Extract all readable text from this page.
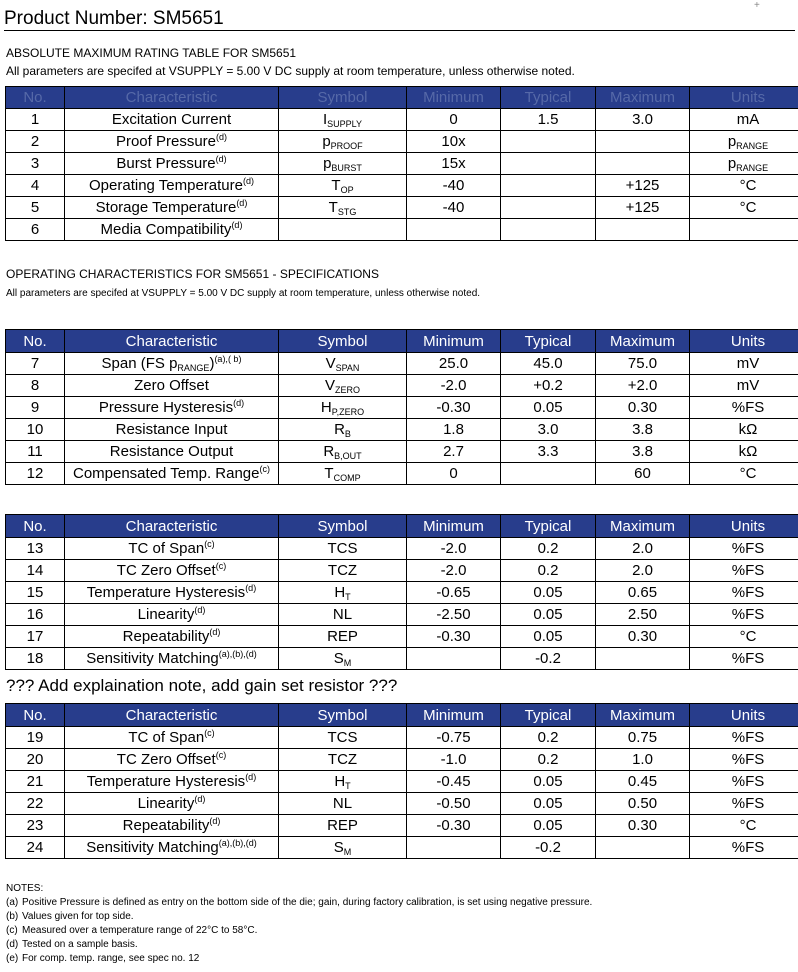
+
Product Number: SM5651
ABSOLUTE MAXIMUM RATING TABLE FOR SM5651
All parameters are specifed at VSUPPLY = 5.00 V DC supply at room temperature, unless otherwise noted.
No.	Characteristic	Symbol	Minimum	Typical	Maximum	Units
1	Excitation Current	$I_{SUPPLY}$	0	1.5	3.0	mA
2	Proof Pressure$^{(d)}$	$p_{PROOF}$	10x			$p_{RANGE}$
3	Burst Pressure$^{(d)}$	$p_{BURST}$	15x			$p_{RANGE}$
4	Operating Temperature$^{(d)}$	$T_{OP}$	-40		+125	°C
5	Storage Temperature$^{(d)}$	$T_{STG}$	-40		+125	°C
6	Media Compatibility$^{(d)}$					
OPERATING CHARACTERISTICS FOR SM5651 - SPECIFICATIONS
All parameters are specifed at VSUPPLY = 5.00 V DC supply at room temperature, unless otherwise noted.
No.	Characteristic	Symbol	Minimum	Typical	Maximum	Units
7	Span (FS $p_{RANGE})^{(a),( b)}$	$V_{SPAN}$	25.0	45.0	75.0	mV
8	Zero Offset	$V_{ZERO}$	-2.0	+0.2	+2.0	mV
9	Pressure Hysteresis$^{(d)}$	$H_{P,ZERO}$	-0.30	0.05	0.30	%FS
10	Resistance Input	$R_B$	1.8	3.0	3.8	kΩ
11	Resistance Output	$R_{B,OUT}$	2.7	3.3	3.8	kΩ
12	Compensated Temp. Range$^{(c)}$	$T_{COMP}$	0		60	°C
No.	Characteristic	Symbol	Minimum	Typical	Maximum	Units
13	TC of Span$^{(c)}$	TCS	-2.0	0.2	2.0	%FS
14	TC Zero Offset$^{(c)}$	TCZ	-2.0	0.2	2.0	%FS
15	Temperature Hysteresis$^{(d)}$	$H_T$	-0.65	0.05	0.65	%FS
16	Linearity$^{(d)}$	NL	-2.50	0.05	2.50	%FS
17	Repeatability$^{(d)}$	REP	-0.30	0.05	0.30	°C
18	Sensitivity Matching$^{(a),(b),(d)}$	$S_M$		-0.2		%FS
??? Add explaination note, add gain set resistor ???
No.	Characteristic	Symbol	Minimum	Typical	Maximum	Units
19	TC of Span$^{(c)}$	TCS	-0.75	0.2	0.75	%FS
20	TC Zero Offset$^{(c)}$	TCZ	-1.0	0.2	1.0	%FS
21	Temperature Hysteresis$^{(d)}$	$H_T$	-0.45	0.05	0.45	%FS
22	Linearity$^{(d)}$	NL	-0.50	0.05	0.50	%FS
23	Repeatability$^{(d)}$	REP	-0.30	0.05	0.30	°C
24	Sensitivity Matching$^{(a),(b),(d)}$	$S_M$		-0.2		%FS
NOTES:
(a) Positive Pressure is defined as entry on the bottom side of the die; gain, during factory calibration, is set using negative pressure.
(b) Values given for top side.
(c) Measured over a temperature range of 22°C to 58°C.
(d) Tested on a sample basis.
(e) For comp. temp. range, see spec no. 12
